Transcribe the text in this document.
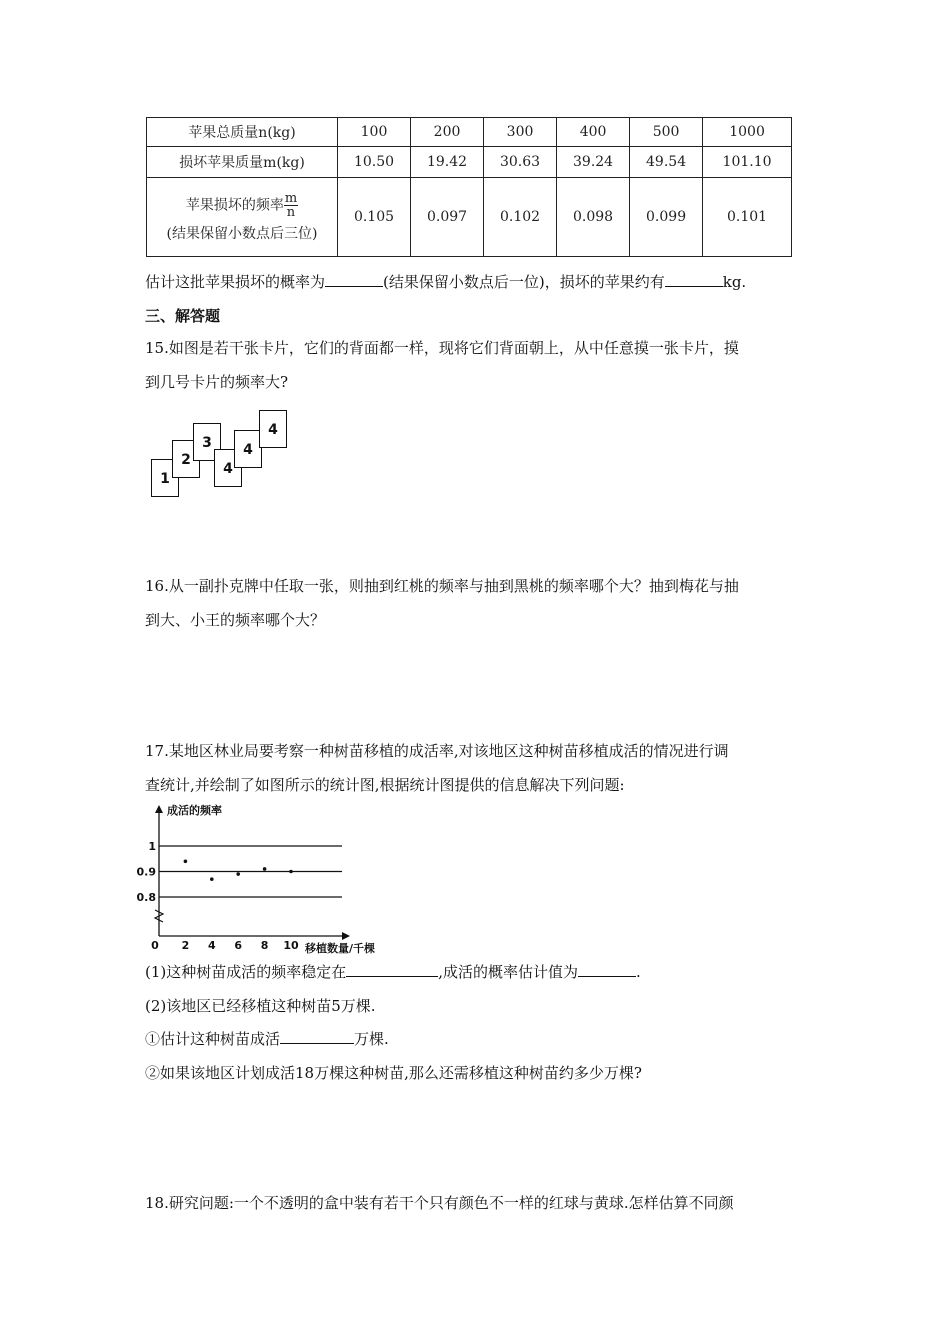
苹果总质量n(kg)	100	200	300	400	500	1000
损坏苹果质量m(kg)	10.50	19.42	30.63	39.24	49.54	101.10

苹果损坏的频率 $\frac{m}{n}$
(结果保留小数点后三位)	0.105	0.097	0.102	0.098	0.099	0.101
估计这批苹果损坏的概率为	(结果保留小数点后一位)，损坏的苹果约有	kg.
三、解答题
15.如图是若干张卡片，它们的背面都一样，现将它们背面朝上，从中任意摸一张卡片，摸
到几号卡片的频率大?
1
2
3
4
4
4
16.从一副扑克牌中任取一张，则抽到红桃的频率与抽到黑桃的频率哪个大？抽到梅花与抽
到大、小王的频率哪个大？
17.某地区林业局要考察一种树苗移植的成活率,对该地区这种树苗移植成活的情况进行调
查统计,并绘制了如图所示的统计图,根据统计图提供的信息解决下列问题:
0.8
0.9
1
2 4 6 8 10
0
成活的频率
移植数量/千棵
(1)这种树苗成活的频率稳定在	,成活的概率估计值为	.
(2)该地区已经移植这种树苗5万棵.
①估计这种树苗成活	万棵.
②如果该地区计划成活18万棵这种树苗,那么还需移植这种树苗约多少万棵?
18.研究问题:一个不透明的盒中装有若干个只有颜色不一样的红球与黄球.怎样估算不同颜
